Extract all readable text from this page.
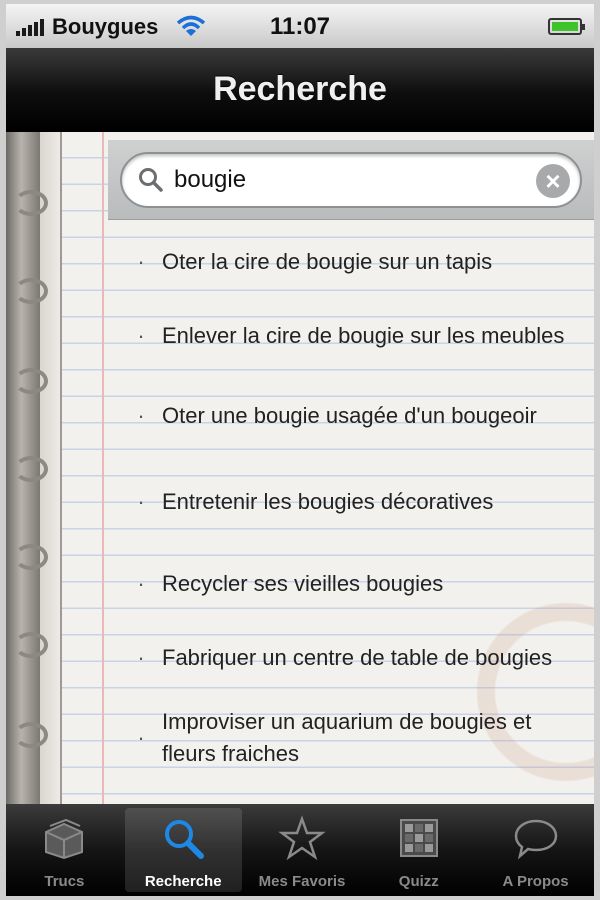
Bouygues	11:07
Recherche
bougie
×
· Oter la cire de bougie sur un tapis
· Enlever la cire de bougie sur les meubles
· Oter une bougie usagée d'un bougeoir
· Entretenir les bougies décoratives
· Recycler ses vieilles bougies
· Fabriquer un centre de table de bougies
·
Improviser un aquarium de bougies et fleurs fraiches
Trucs	Recherche	Mes Favoris	Quizz	A Propos
